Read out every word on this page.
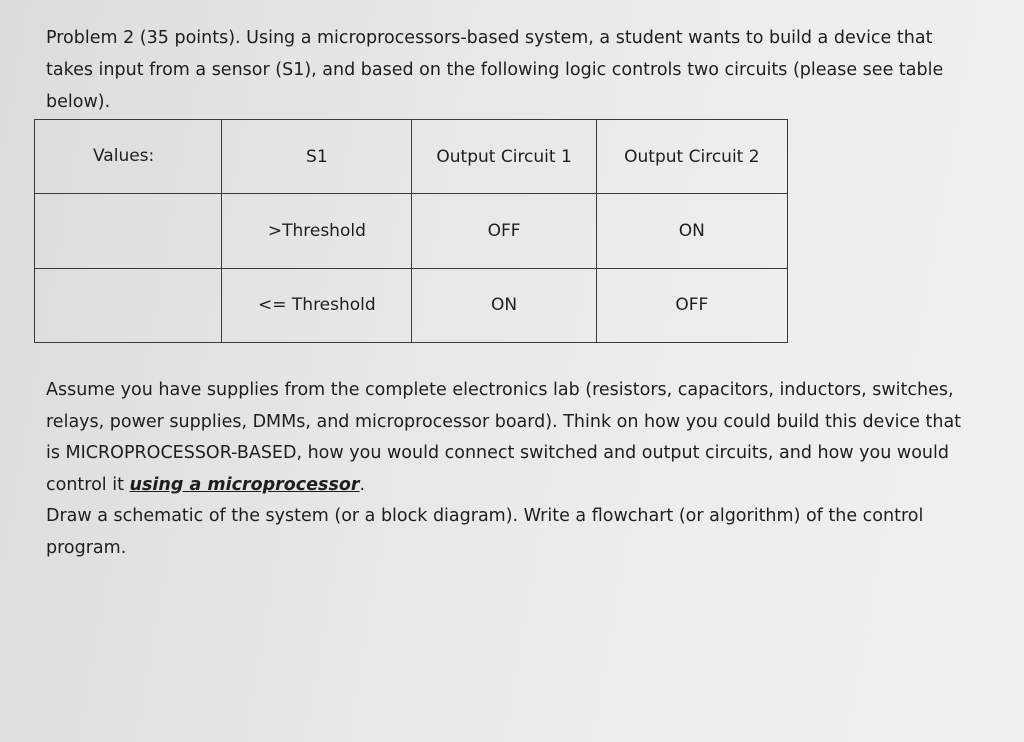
Problem 2 (35 points). Using a microprocessors-based system, a student wants to build a device that takes input from a sensor (S1), and based on the following logic controls two circuits (please see table below).

Values:	S1	Output Circuit 1	Output Circuit 2
	>Threshold	OFF	ON
	<= Threshold	ON	OFF
Assume you have supplies from the complete electronics lab (resistors, capacitors, inductors, switches, relays, power supplies, DMMs, and microprocessor board). Think on how you could build this device that is MICROPROCESSOR-BASED, how you would connect switched and output circuits, and how you would control it using a microprocessor.
Draw a schematic of the system (or a block diagram). Write a flowchart (or algorithm) of the control program.
